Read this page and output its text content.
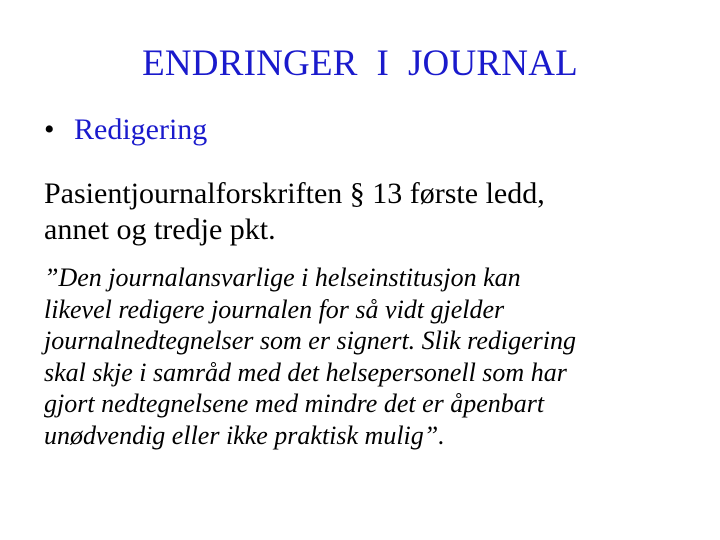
ENDRINGER  I  JOURNAL
• Redigering
Pasientjournalforskriften § 13 første ledd,
annet og tredje pkt.
”Den journalansvarlige i helseinstitusjon kan
likevel redigere journalen for så vidt gjelder
journalnedtegnelser som er signert. Slik redigering
skal skje i samråd med det helsepersonell som har
gjort nedtegnelsene med mindre det er åpenbart
unødvendig eller ikke praktisk mulig”.
